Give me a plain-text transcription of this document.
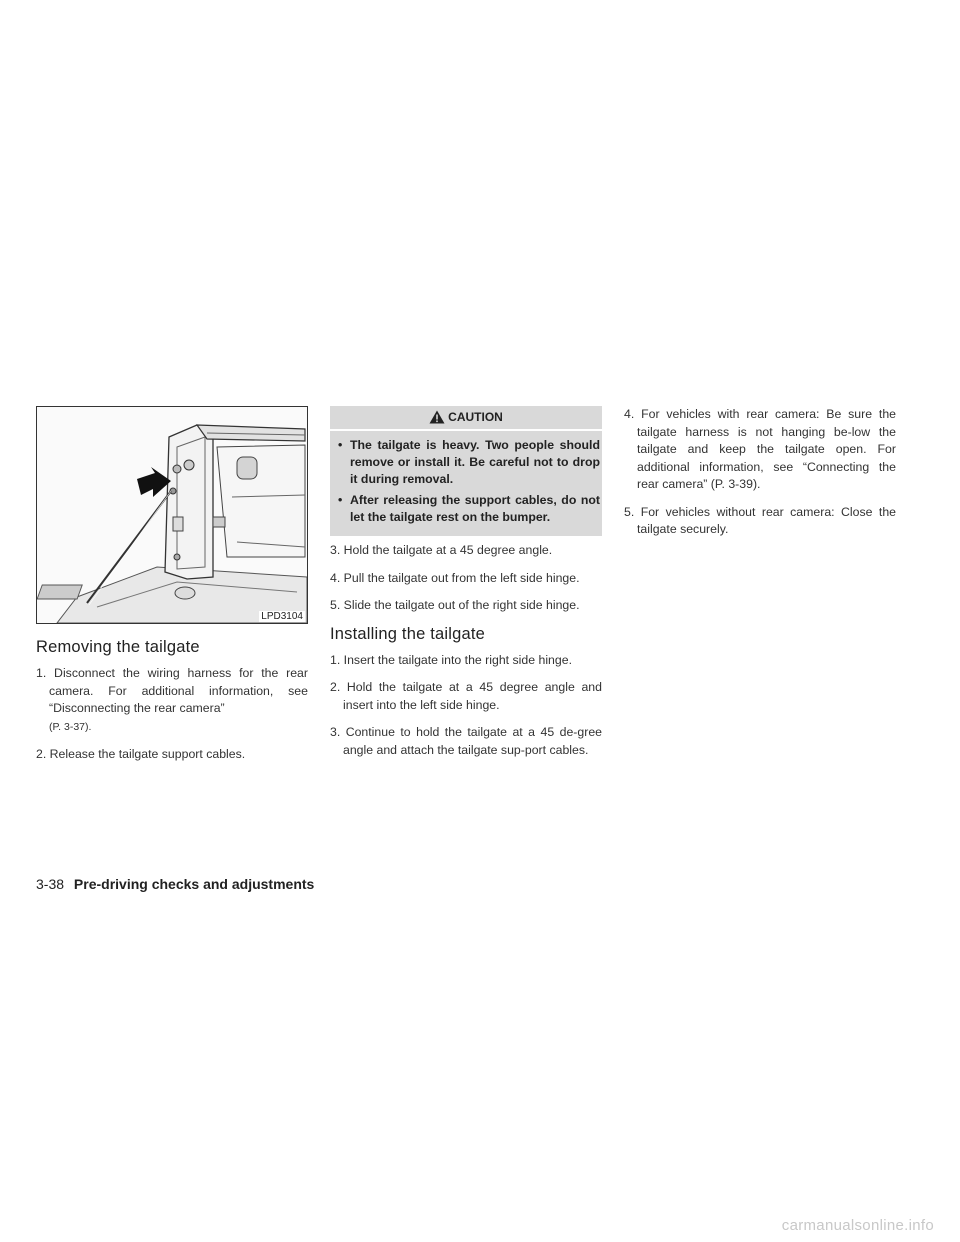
LPD3104
Removing the tailgate
1. Disconnect the wiring harness for the rear camera. For additional information, see “Disconnecting the rear camera”
(P. 3-37).
2. Release the tailgate support cables.
CAUTION
• The tailgate is heavy. Two people should remove or install it. Be careful not to drop it during removal.
• After releasing the support cables, do not let the tailgate rest on the bumper.
3. Hold the tailgate at a 45 degree angle.
4. Pull the tailgate out from the left side hinge.
5. Slide the tailgate out of the right side hinge.
Installing the tailgate
1. Insert the tailgate into the right side hinge.
2. Hold the tailgate at a 45 degree angle and insert into the left side hinge.
3. Continue to hold the tailgate at a 45 de-gree angle and attach the tailgate sup-port cables.
4. For vehicles with rear camera: Be sure the tailgate harness is not hanging be-low the tailgate and keep the tailgate open. For additional information, see “Connecting the rear camera” (P. 3-39).
5. For vehicles without rear camera: Close the tailgate securely.
3-38 Pre-driving checks and adjustments
carmanualsonline.info
